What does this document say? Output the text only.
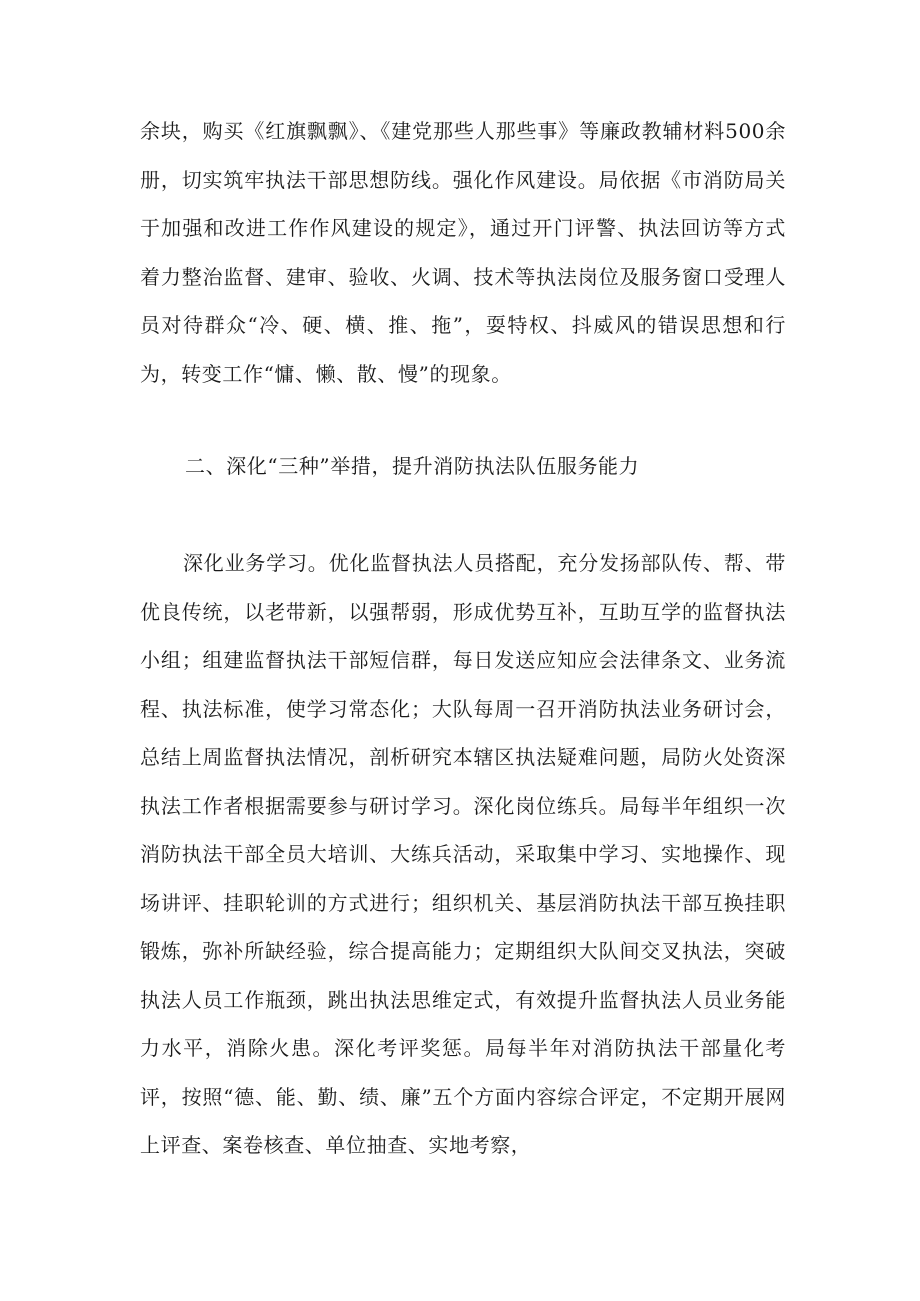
余块，购买《红旗飘飘》、《建党那些人那些事》等廉政教辅材料500余册，切实筑牢执法干部思想防线。强化作风建设。局依据《市消防局关于加强和改进工作作风建设的规定》，通过开门评警、执法回访等方式着力整治监督、建审、验收、火调、技术等执法岗位及服务窗口受理人员对待群众“冷、硬、横、推、拖”，耍特权、抖威风的错误思想和行为，转变工作“慵、懒、散、慢”的现象。

二、深化“三种”举措，提升消防执法队伍服务能力

深化业务学习。优化监督执法人员搭配，充分发扬部队传、帮、带优良传统，以老带新，以强帮弱，形成优势互补，互助互学的监督执法小组；组建监督执法干部短信群，每日发送应知应会法律条文、业务流程、执法标准，使学习常态化；大队每周一召开消防执法业务研讨会，总结上周监督执法情况，剖析研究本辖区执法疑难问题，局防火处资深执法工作者根据需要参与研讨学习。深化岗位练兵。局每半年组织一次消防执法干部全员大培训、大练兵活动，采取集中学习、实地操作、现场讲评、挂职轮训的方式进行；组织机关、基层消防执法干部互换挂职锻炼，弥补所缺经验，综合提高能力；定期组织大队间交叉执法，突破执法人员工作瓶颈，跳出执法思维定式，有效提升监督执法人员业务能力水平，消除火患。深化考评奖惩。局每半年对消防执法干部量化考评，按照“德、能、勤、绩、廉”五个方面内容综合评定，不定期开展网上评查、案卷核查、单位抽查、实地考察，
